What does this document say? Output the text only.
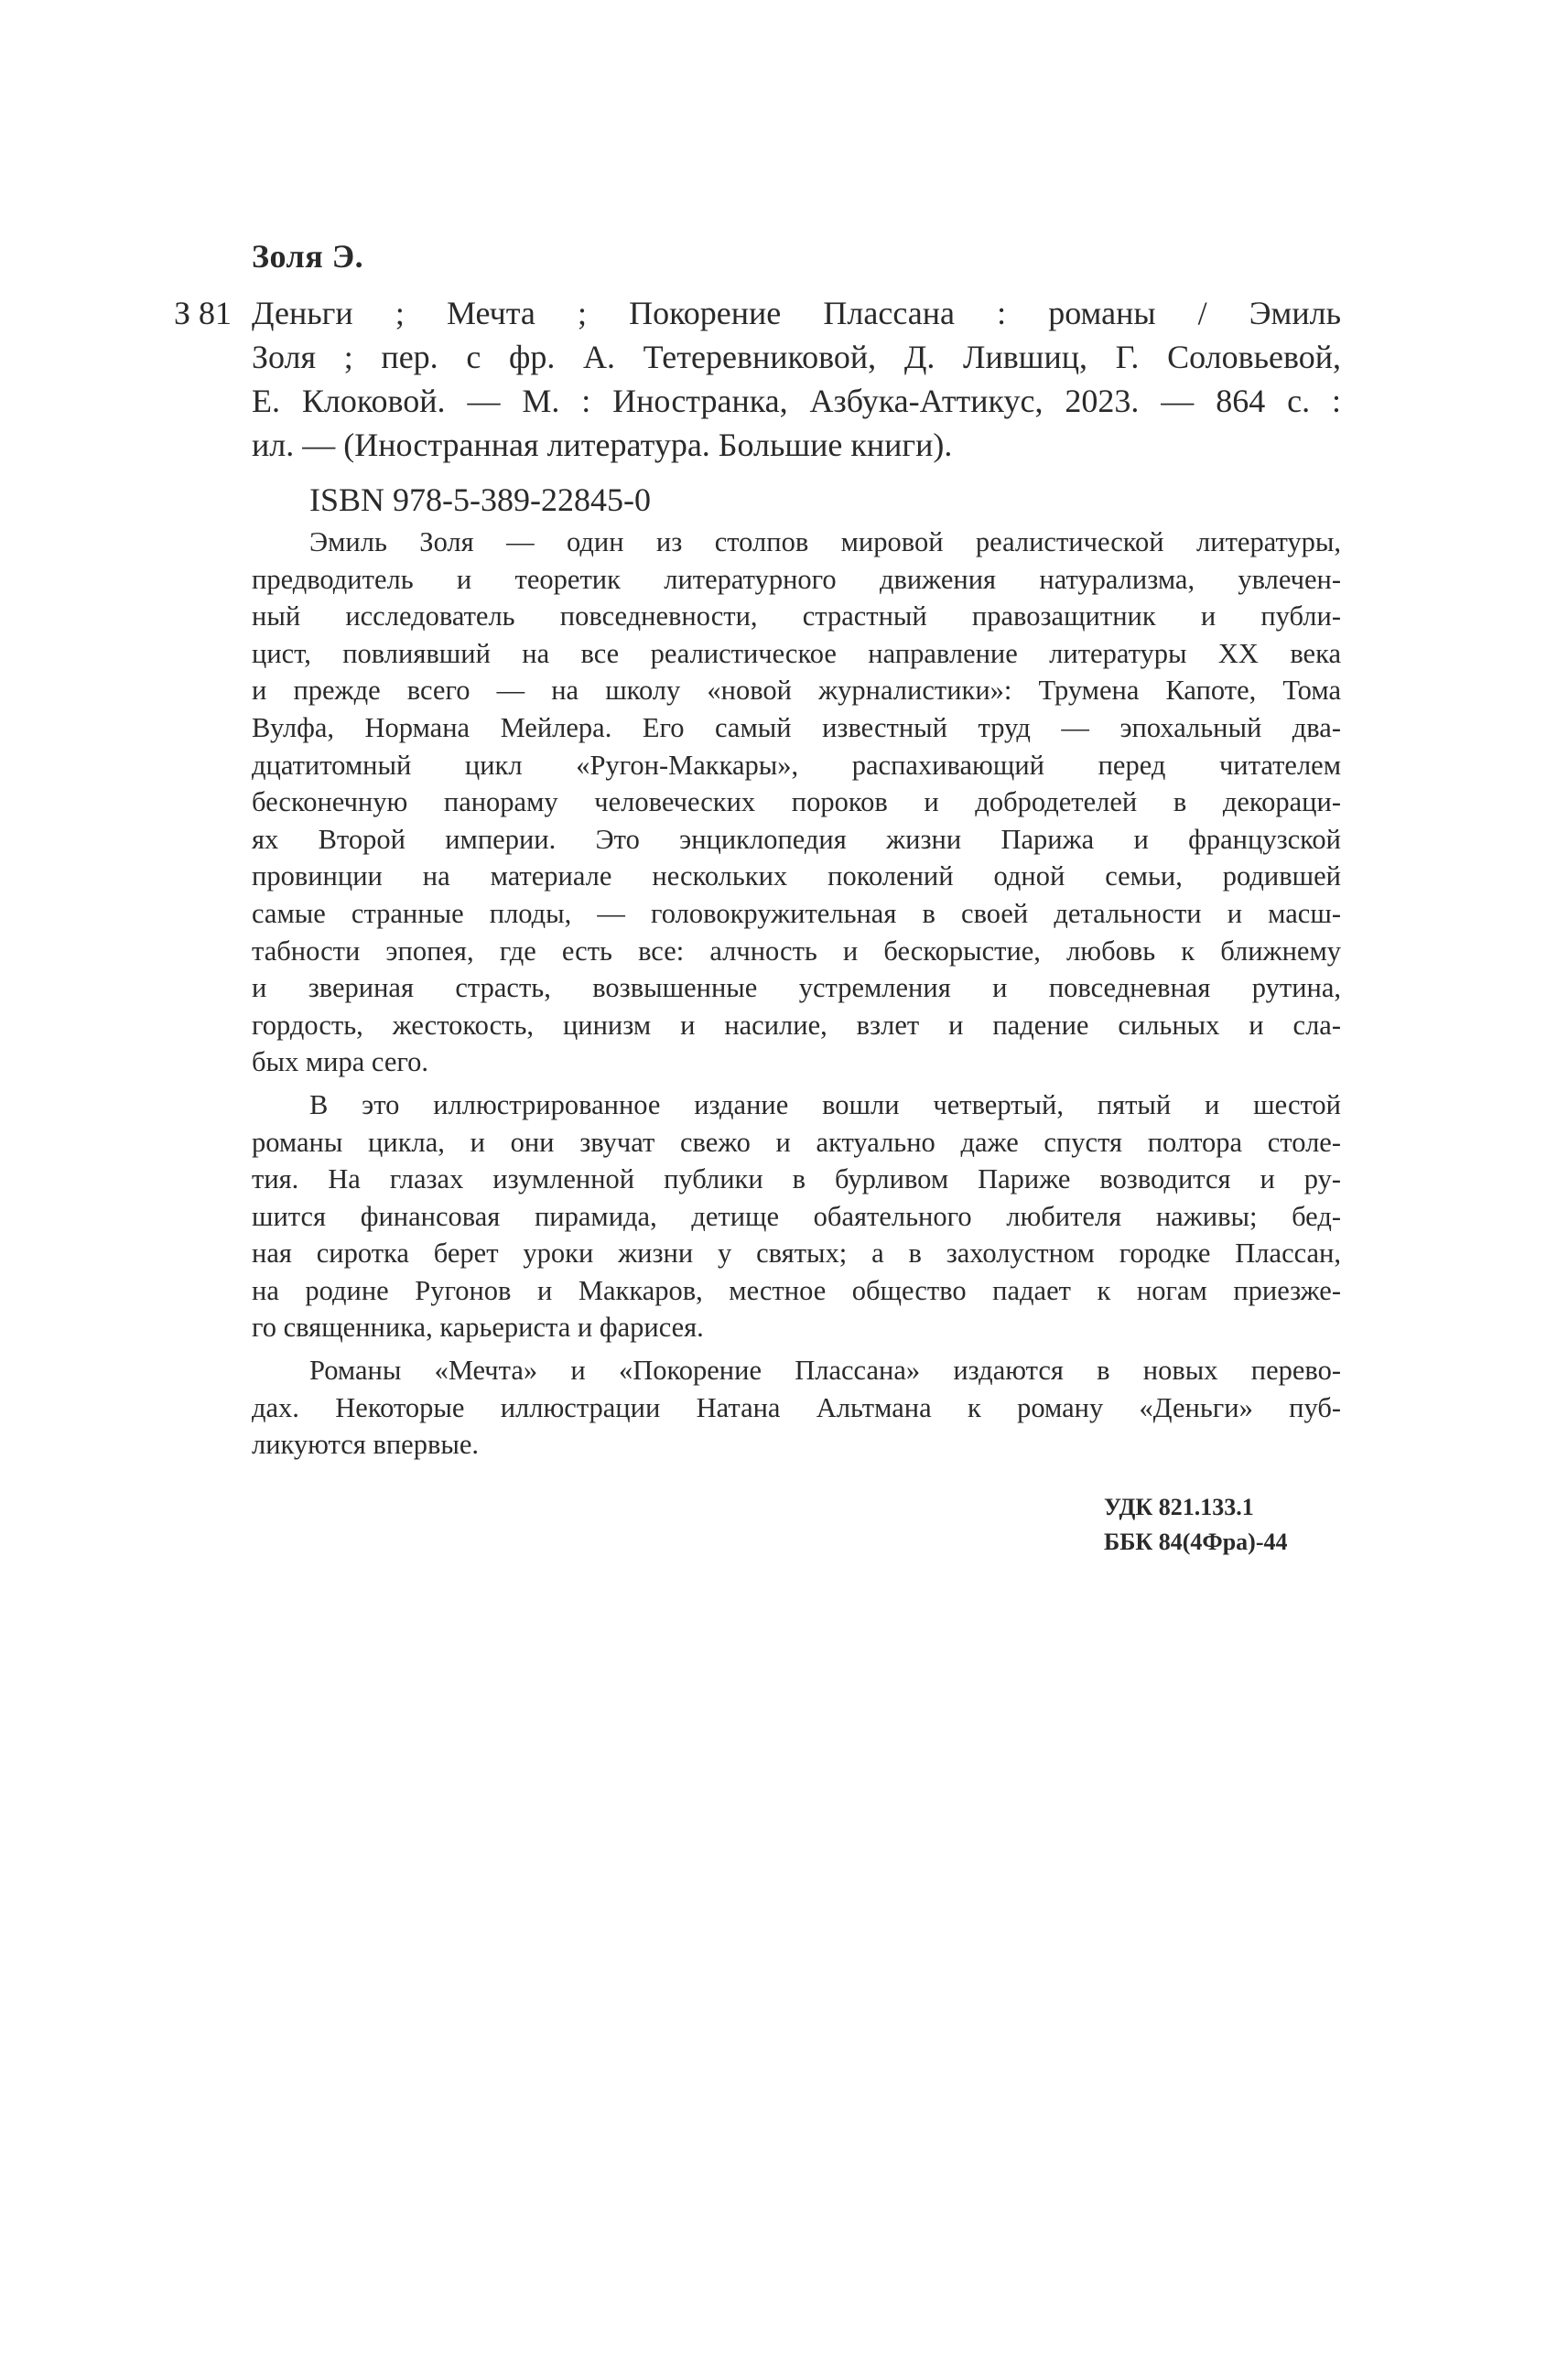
Золя Э.
З 81 Деньги ; Мечта ; Покорение Плассана : романы / Эмиль
Золя ; пер. с фр. А. Тетеревниковой, Д. Лившиц, Г. Соловьевой,
Е. Клоковой. — М. : Иностранка, Азбука-Аттикус, 2023. — 864 с. :
ил. — (Иностранная литература. Большие книги).
ISBN 978-5-389-22845-0

Эмиль Золя — один из столпов мировой реалистической литературы,
предводитель и теоретик литературного движения натурализма, увлечен-
ный исследователь повседневности, страстный правозащитник и публи-
цист, повлиявший на все реалистическое направление литературы XX века
и прежде всего — на школу «новой журналистики»: Трумена Капоте, Тома
Вулфа, Нормана Мейлера. Его самый известный труд — эпохальный два-
дцатитомный цикл «Ругон-Маккары», распахивающий перед читателем
бесконечную панораму человеческих пороков и добродетелей в декораци-
ях Второй империи. Это энциклопедия жизни Парижа и французской
провинции на материале нескольких поколений одной семьи, родившей
самые странные плоды, — головокружительная в своей детальности и масш-
табности эпопея, где есть все: алчность и бескорыстие, любовь к ближнему
и звериная страсть, возвышенные устремления и повседневная рутина,
гордость, жестокость, цинизм и насилие, взлет и падение сильных и сла-
бых мира сего.

В это иллюстрированное издание вошли четвертый, пятый и шестой
романы цикла, и они звучат свежо и актуально даже спустя полтора столе-
тия. На глазах изумленной публики в бурливом Париже возводится и ру-
шится финансовая пирамида, детище обаятельного любителя наживы; бед-
ная сиротка берет уроки жизни у святых; а в захолустном городке Плассан,
на родине Ругонов и Маккаров, местное общество падает к ногам приезже-
го священника, карьериста и фарисея.

Романы «Мечта» и «Покорение Плассана» издаются в новых перево-
дах. Некоторые иллюстрации Натана Альтмана к роману «Деньги» пуб-
ликуются впервые.

УДК 821.133.1
ББК 84(4Фра)-44
